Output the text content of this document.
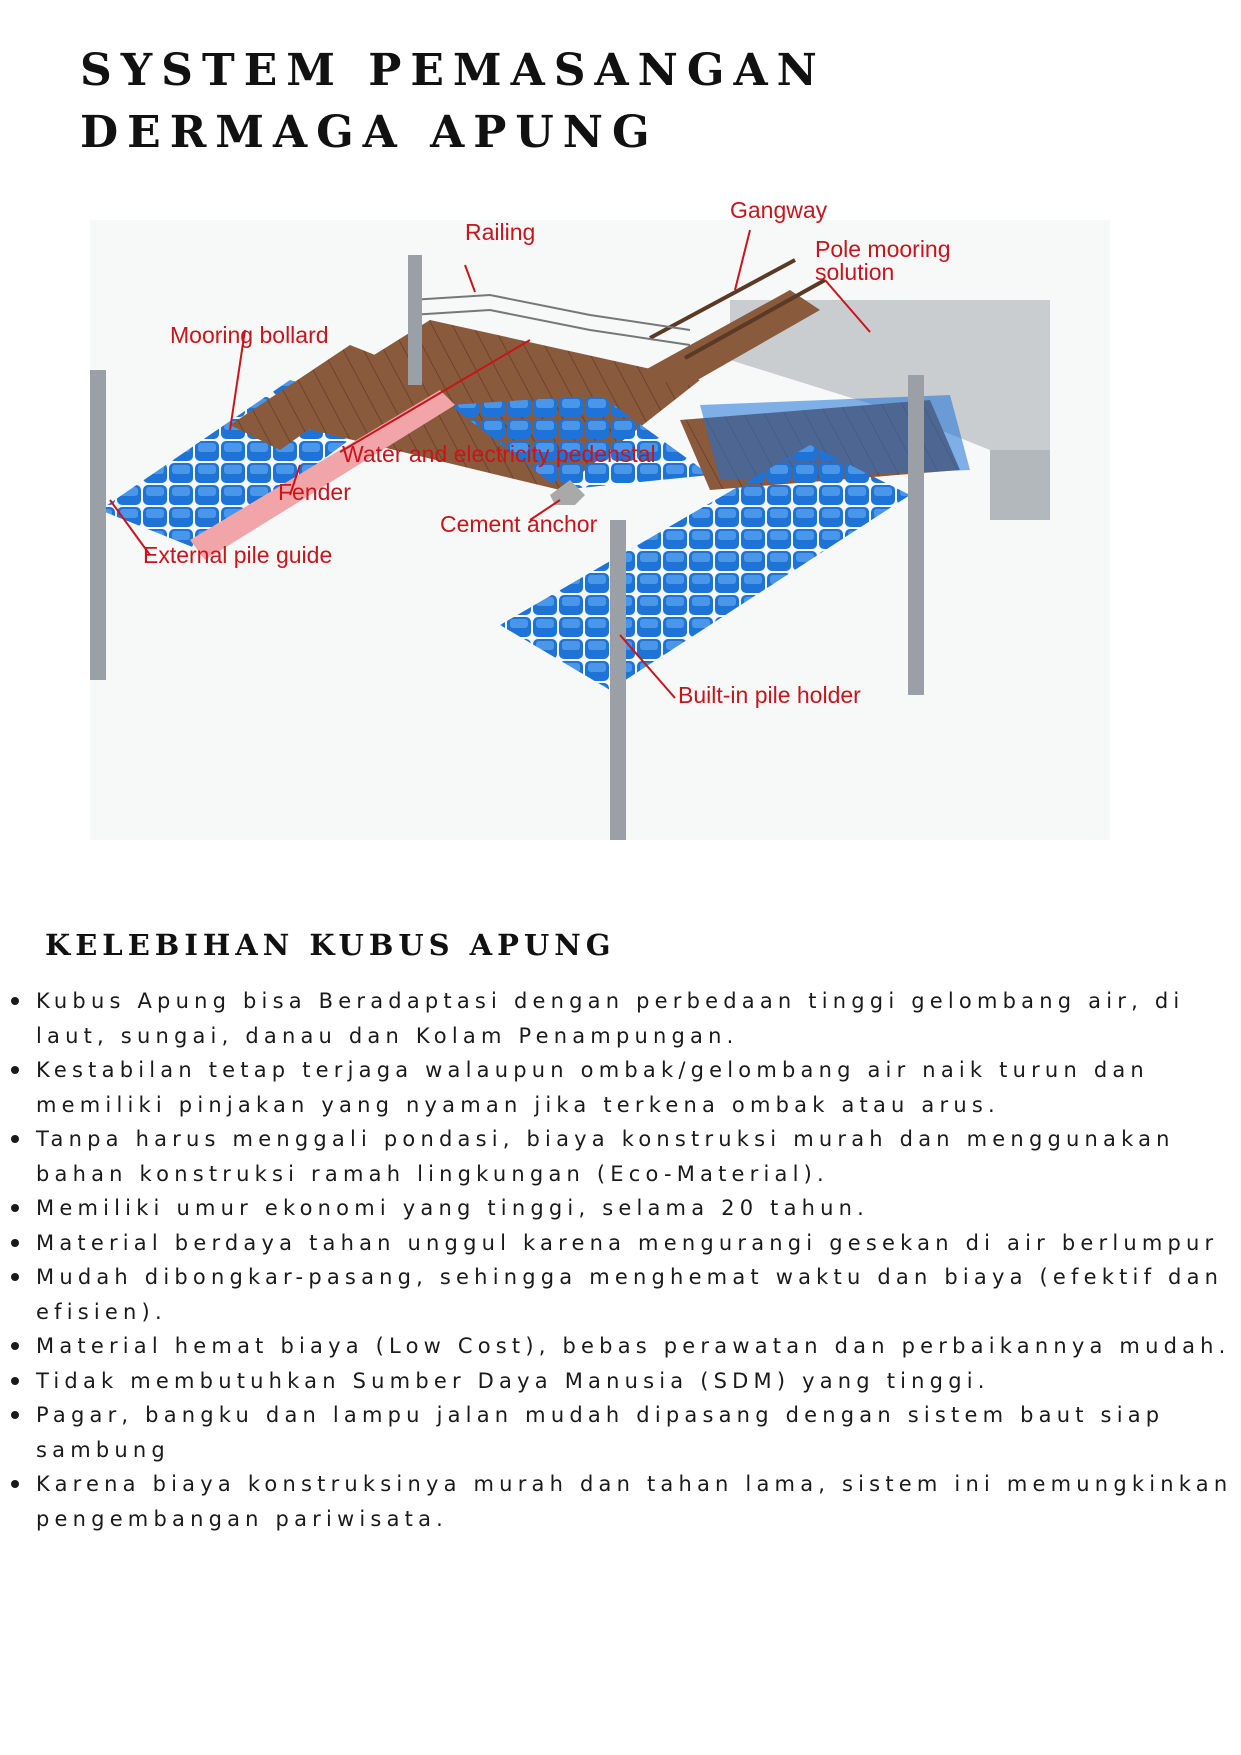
SYSTEM PEMASANGAN
DERMAGA APUNG
Railing
Gangway
Pole mooring
solution
Mooring bollard
Water and electricity pedenstal
Fender
Cement anchor
External pile guide
Built-in pile holder
KELEBIHAN KUBUS APUNG
Kubus Apung bisa Beradaptasi dengan perbedaan tinggi gelombang air, di laut, sungai, danau dan Kolam Penampungan.
Kestabilan tetap terjaga walaupun ombak/gelombang air naik turun dan memiliki pinjakan yang nyaman jika terkena ombak atau arus.
Tanpa harus menggali pondasi, biaya konstruksi murah dan menggunakan bahan konstruksi ramah lingkungan (Eco-Material).
Memiliki umur ekonomi yang tinggi, selama 20 tahun.
Material berdaya tahan unggul karena mengurangi gesekan di air berlumpur
Mudah dibongkar-pasang, sehingga menghemat waktu dan biaya (efektif dan efisien).
Material hemat biaya (Low Cost), bebas perawatan dan perbaikannya mudah.
Tidak membutuhkan Sumber Daya Manusia (SDM) yang tinggi.
Pagar, bangku dan lampu jalan mudah dipasang dengan sistem baut siap sambung
Karena biaya konstruksinya murah dan tahan lama, sistem ini memungkinkan pengembangan pariwisata.
